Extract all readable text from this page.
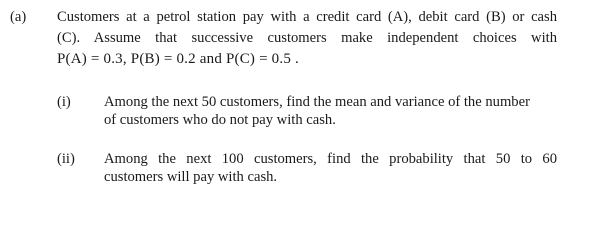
(a) Customers at a petrol station pay with a credit card (A), debit card (B) or cash
(C). Assume that successive customers make independent choices with
P(A) = 0.3, P(B) = 0.2 and P(C) = 0.5 .
(i) Among the next 50 customers, find the mean and variance of the number
of customers who do not pay with cash.
(ii) Among the next 100 customers, find the probability that 50 to 60
customers will pay with cash.
